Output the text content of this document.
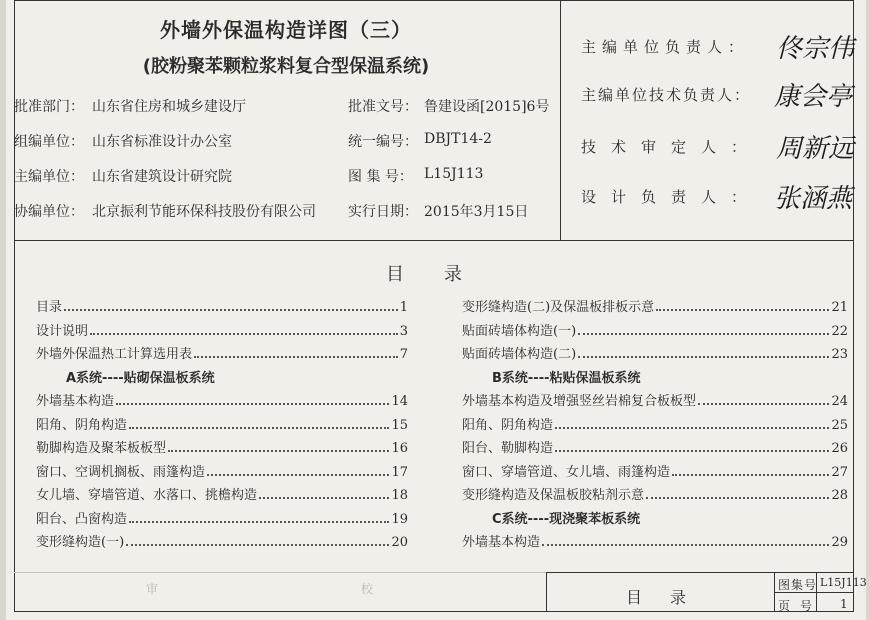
外墙外保温构造详图（三）
(胶粉聚苯颗粒浆料复合型保温系统)
批准部门： 山东省住房和城乡建设厅
组编单位： 山东省标准设计办公室
主编单位： 山东省建筑设计研究院
协编单位： 北京振利节能环保科技股份有限公司
批准文号： 鲁建设函[2015]6号
统一编号： DBJT14-2
图 集 号： L15J113
实行日期： 2015年3月15日
主编单位负责人： 佟宗伟
主编单位技术负责人： 康会亭
技术审定人： 周新远
设计负责人： 张涵燕
目录
目录	1
设计说明	3
外墙外保温热工计算选用表	7
A系统----贴砌保温板系统
外墙基本构造	14
阳角、阴角构造	15
勒脚构造及聚苯板板型	16
窗口、空调机搁板、雨篷构造	17
女儿墙、穿墙管道、水落口、挑檐构造	18
阳台、凸窗构造	19
变形缝构造(一)	20
变形缝构造(二)及保温板排板示意	21
贴面砖墙体构造(一)	22
贴面砖墙体构造(二)	23
B系统----粘贴保温板系统
外墙基本构造及增强竖丝岩棉复合板板型	24
阳角、阴角构造	25
阳台、勒脚构造	26
窗口、穿墙管道、女儿墙、雨篷构造	27
变形缝构造及保温板胶粘剂示意	28
C系统----现浇聚苯板系统
外墙基本构造	29
审	校	目录
图集号 L15J113
页号 1
